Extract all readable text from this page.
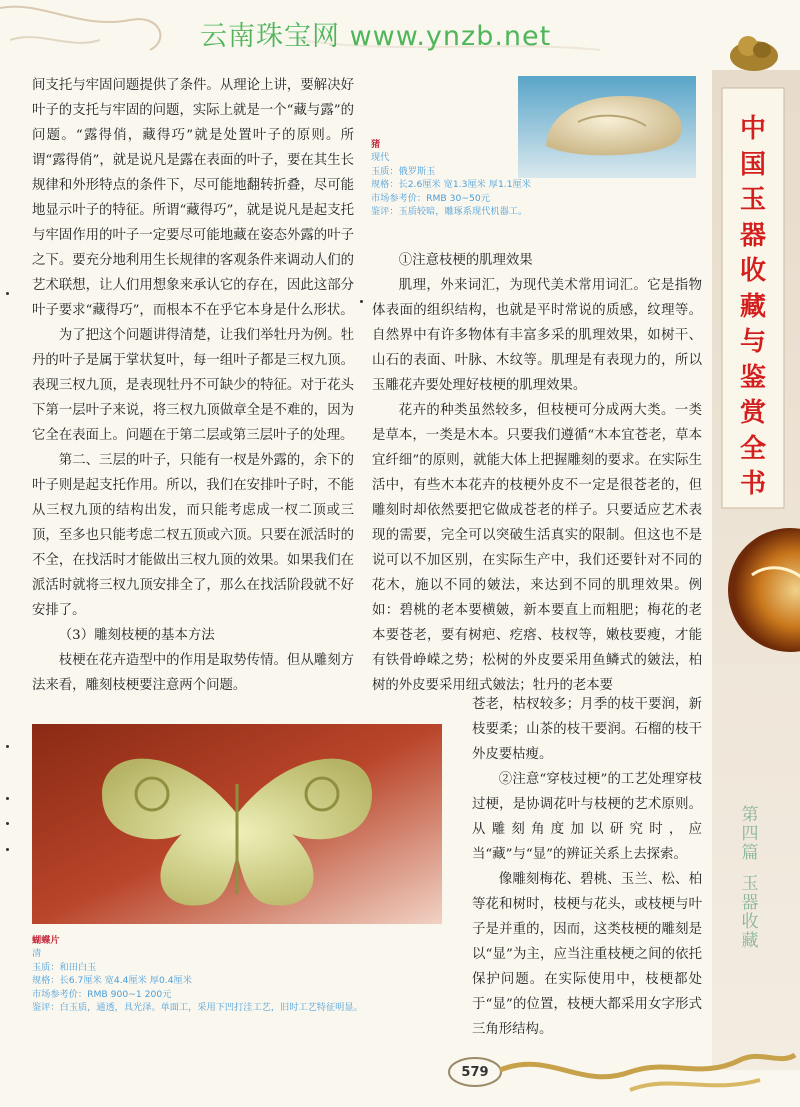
云南珠宝网 www.ynzb.net
中
国
玉
器
收
藏
与
鉴
赏
全
书
第
四
篇
玉
器
收
藏
猪
现代
玉质：俄罗斯玉
规格：长2.6厘米 宽1.3厘米 厚1.1厘米
市场参考价：RMB 30~50元
鉴评：玉质较暗，雕琢系现代机器工。

间支托与牢固问题提供了条件。从理论上讲，要解决好叶子的支托与牢固的问题，实际上就是一个“藏与露”的问题。“露得俏，藏得巧”就是处置叶子的原则。所谓“露得俏”，就是说凡是露在表面的叶子，要在其生长规律和外形特点的条件下，尽可能地翻转折叠，尽可能地显示叶子的特征。所谓“藏得巧”，就是说凡是起支托与牢固作用的叶子一定要尽可能地藏在姿态外露的叶子之下。要充分地利用生长规律的客观条件来调动人们的艺术联想，让人们用想象来承认它的存在，因此这部分叶子要求“藏得巧”，而根本不在乎它本身是什么形状。

为了把这个问题讲得清楚，让我们举牡丹为例。牡丹的叶子是属于掌状复叶，每一组叶子都是三杈九顶。表现三杈九顶，是表现牡丹不可缺少的特征。对于花头下第一层叶子来说，将三杈九顶做章全是不难的，因为它全在表面上。问题在于第二层或第三层叶子的处理。

第二、三层的叶子，只能有一杈是外露的，余下的叶子则是起支托作用。所以，我们在安排叶子时，不能从三杈九顶的结构出发，而只能考虑成一杈二顶或三顶，至多也只能考虑二杈五顶或六顶。只要在派活时的不全，在找活时才能做出三杈九顶的效果。如果我们在派活时就将三杈九顶安排全了，那么在找活阶段就不好安排了。

（3）雕刻枝梗的基本方法

枝梗在花卉造型中的作用是取势传情。但从雕刻方法来看，雕刻枝梗要注意两个问题。

①注意枝梗的肌理效果

肌理，外来词汇，为现代美术常用词汇。它是指物体表面的组织结构，也就是平时常说的质感，纹理等。自然界中有许多物体有丰富多采的肌理效果，如树干、山石的表面、叶脉、木纹等。肌理是有表现力的，所以玉雕花卉要处理好枝梗的肌理效果。

花卉的种类虽然较多，但枝梗可分成两大类。一类是草本，一类是木本。只要我们遵循“木本宜苍老，草本宜纤细”的原则，就能大体上把握雕刻的要求。在实际生活中，有些木本花卉的枝梗外皮不一定是很苍老的，但雕刻时却依然要把它做成苍老的样子。只要适应艺术表现的需要，完全可以突破生活真实的限制。但这也不是说可以不加区别，在实际生产中，我们还要针对不同的花木，施以不同的皴法，来达到不同的肌理效果。例如：碧桃的老本要横皴，新本要直上而粗肥；梅花的老本要苍老，要有树疤、疙瘩、枝杈等，嫩枝要瘦，才能有铁骨峥嵘之势；松树的外皮要采用鱼鳞式的皴法，柏树的外皮要采用纽式皴法；牡丹的老本要

苍老，枯杈较多；月季的枝干要润，新枝要柔；山茶的枝干要润。石榴的枝干外皮要枯瘦。

②注意“穿枝过梗”的工艺处理穿枝过梗，是协调花叶与枝梗的艺术原则。从雕刻角度加以研究时，应当“藏”与“显”的辨证关系上去探索。

像雕刻梅花、碧桃、玉兰、松、柏等花和树时，枝梗与花头，或枝梗与叶子是并重的，因而，这类枝梗的雕刻是以“显”为主，应当注重枝梗之间的依托保护问题。在实际使用中，枝梗都处于“显”的位置，枝梗大都采用女字形式三角形结构。

蝴蝶片
清
玉质：和田白玉
规格：长6.7厘米 宽4.4厘米 厚0.4厘米
市场参考价：RMB 900~1 200元
鉴评：白玉质，通透，具光泽。单面工，采用下凹打洼工艺，旧时工艺特征明显。
579
